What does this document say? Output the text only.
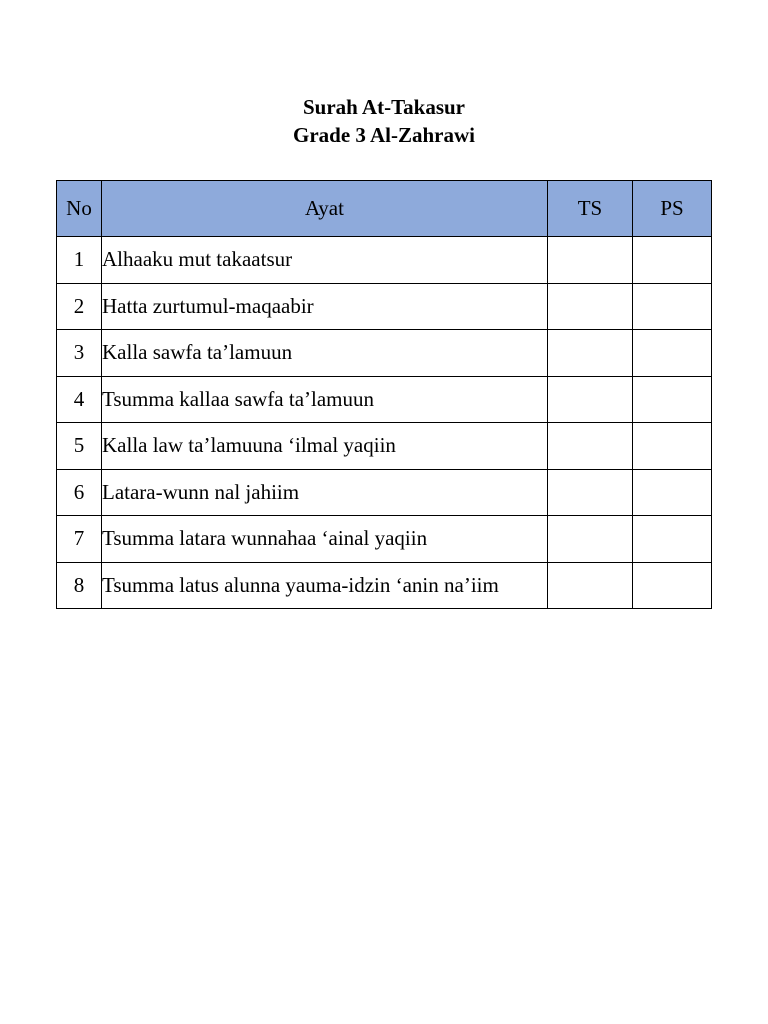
Surah At-Takasur
Grade 3 Al-Zahrawi
No	Ayat	TS	PS
1	Alhaaku mut takaatsur		
2	Hatta zurtumul-maqaabir		
3	Kalla sawfa ta’lamuun		
4	Tsumma kallaa sawfa ta’lamuun		
5	Kalla law ta’lamuuna ‘ilmal yaqiin		
6	Latara-wunn nal jahiim		
7	Tsumma latara wunnahaa ‘ainal yaqiin		
8	Tsumma latus alunna yauma-idzin ‘anin na’iim		
